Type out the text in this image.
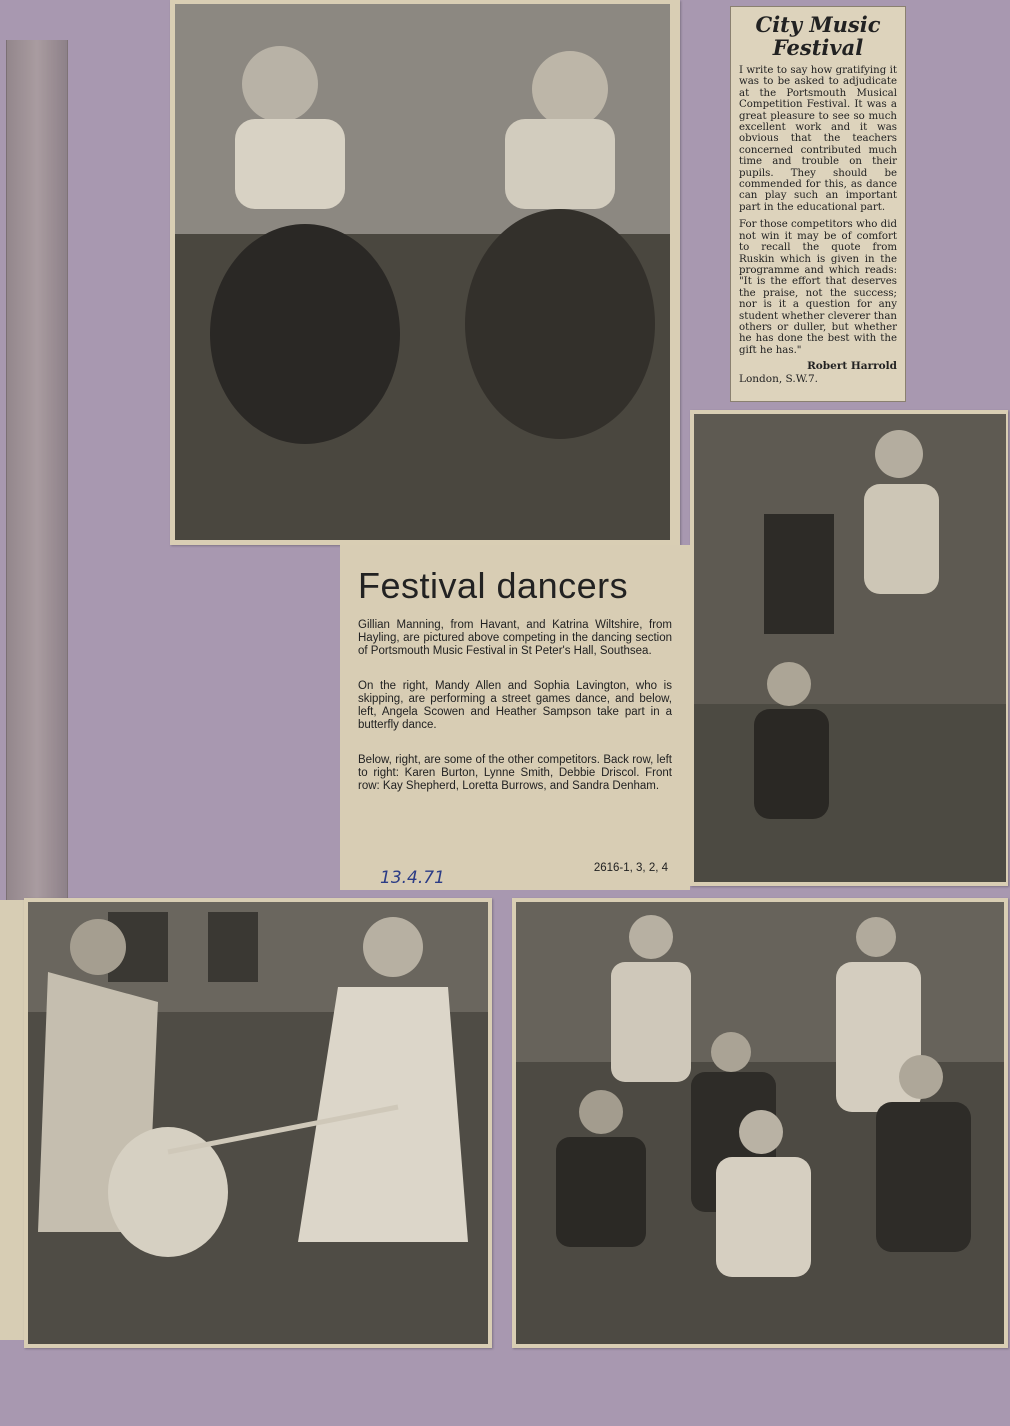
City Music
Festival

I write to say how gratifying it was to be asked to adjudicate at the Portsmouth Musical Competition Festival. It was a great pleasure to see so much excellent work and it was obvious that the teachers concerned contributed much time and trouble on their pupils. They should be commended for this, as dance can play such an important part in the educational part.

For those competitors who did not win it may be of comfort to recall the quote from Ruskin which is given in the programme and which reads: "It is the effort that deserves the praise, not the success; nor is it a question for any student whether cleverer than others or duller, but whether he has done the best with the gift he has."

Robert Harrold
London, S.W.7.
Festival dancers

Gillian Manning, from Havant, and Katrina Wiltshire, from Hayling, are pictured above competing in the dancing section of Portsmouth Music Festival in St Peter's Hall, Southsea.

On the right, Mandy Allen and Sophia Lavington, who is skipping, are performing a street games dance, and below, left, Angela Scowen and Heather Sampson take part in a butterfly dance.

Below, right, are some of the other competitors. Back row, left to right: Karen Burton, Lynne Smith, Debbie Driscol. Front row: Kay Shepherd, Loretta Burrows, and Sandra Denham.

2616-1, 3, 2, 4
13.4.71
